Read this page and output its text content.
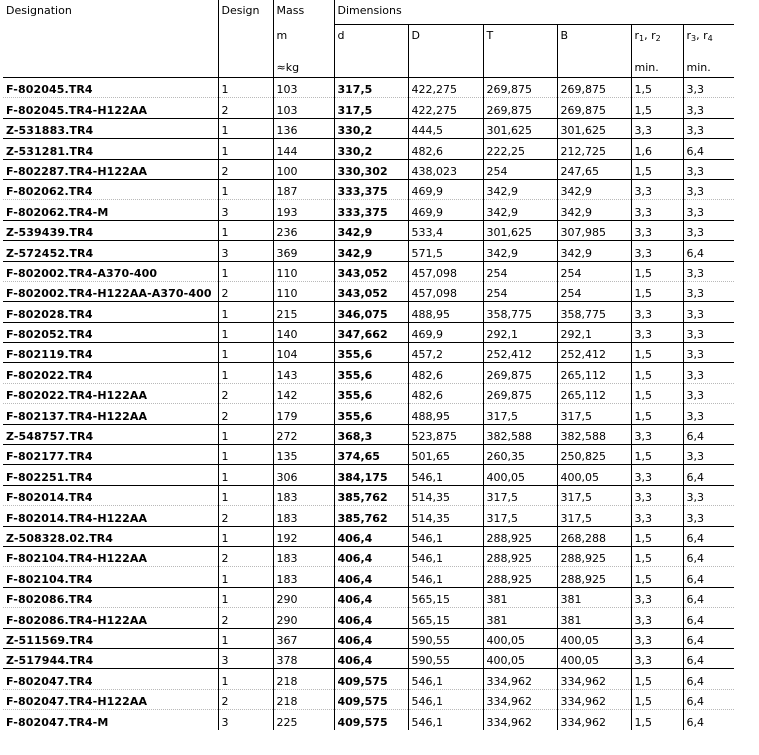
Designation	Design	Mass	Dimensions					
		m	d	D	T	B	$r_1$, $r_2$	$r_3$, $r_4$
		≈kg					min.	min.
F-802045.TR4	1	103	317,5	422,275	269,875	269,875	1,5	3,3
F-802045.TR4-H122AA	2	103	317,5	422,275	269,875	269,875	1,5	3,3
Z-531883.TR4	1	136	330,2	444,5	301,625	301,625	3,3	3,3
Z-531281.TR4	1	144	330,2	482,6	222,25	212,725	1,6	6,4
F-802287.TR4-H122AA	2	100	330,302	438,023	254	247,65	1,5	3,3
F-802062.TR4	1	187	333,375	469,9	342,9	342,9	3,3	3,3
F-802062.TR4-M	3	193	333,375	469,9	342,9	342,9	3,3	3,3
Z-539439.TR4	1	236	342,9	533,4	301,625	307,985	3,3	3,3
Z-572452.TR4	3	369	342,9	571,5	342,9	342,9	3,3	6,4
F-802002.TR4-A370-400	1	110	343,052	457,098	254	254	1,5	3,3
F-802002.TR4-H122AA-A370-400	2	110	343,052	457,098	254	254	1,5	3,3
F-802028.TR4	1	215	346,075	488,95	358,775	358,775	3,3	3,3
F-802052.TR4	1	140	347,662	469,9	292,1	292,1	3,3	3,3
F-802119.TR4	1	104	355,6	457,2	252,412	252,412	1,5	3,3
F-802022.TR4	1	143	355,6	482,6	269,875	265,112	1,5	3,3
F-802022.TR4-H122AA	2	142	355,6	482,6	269,875	265,112	1,5	3,3
F-802137.TR4-H122AA	2	179	355,6	488,95	317,5	317,5	1,5	3,3
Z-548757.TR4	1	272	368,3	523,875	382,588	382,588	3,3	6,4
F-802177.TR4	1	135	374,65	501,65	260,35	250,825	1,5	3,3
F-802251.TR4	1	306	384,175	546,1	400,05	400,05	3,3	6,4
F-802014.TR4	1	183	385,762	514,35	317,5	317,5	3,3	3,3
F-802014.TR4-H122AA	2	183	385,762	514,35	317,5	317,5	3,3	3,3
Z-508328.02.TR4	1	192	406,4	546,1	288,925	268,288	1,5	6,4
F-802104.TR4-H122AA	2	183	406,4	546,1	288,925	288,925	1,5	6,4
F-802104.TR4	1	183	406,4	546,1	288,925	288,925	1,5	6,4
F-802086.TR4	1	290	406,4	565,15	381	381	3,3	6,4
F-802086.TR4-H122AA	2	290	406,4	565,15	381	381	3,3	6,4
Z-511569.TR4	1	367	406,4	590,55	400,05	400,05	3,3	6,4
Z-517944.TR4	3	378	406,4	590,55	400,05	400,05	3,3	6,4
F-802047.TR4	1	218	409,575	546,1	334,962	334,962	1,5	6,4
F-802047.TR4-H122AA	2	218	409,575	546,1	334,962	334,962	1,5	6,4
F-802047.TR4-M	3	225	409,575	546,1	334,962	334,962	1,5	6,4
